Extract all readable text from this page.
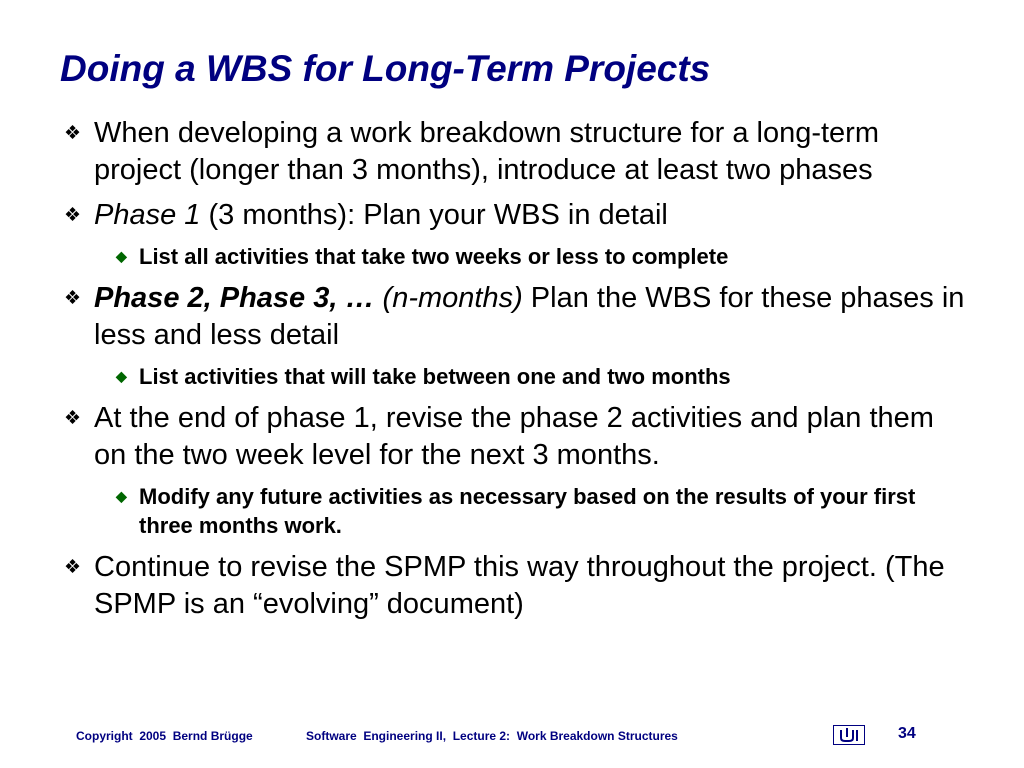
Doing a WBS for Long-Term Projects
❖ When developing a work breakdown structure for a long-term project (longer than 3 months), introduce at least two phases
❖ Phase 1 (3 months): Plan your WBS in detail
◆ List all activities that take two weeks or less to complete
❖ Phase 2, Phase 3, … (n-months) Plan the WBS for these phases in less and less detail
◆ List activities that will take between one and two months
❖ At the end of phase 1, revise the phase 2 activities and plan them on the two week level for the next 3 months.
◆ Modify any future activities as necessary based on the results of your first three months work.
❖ Continue to revise the SPMP this way throughout the project. (The SPMP is an “evolving” document)
Copyright  2005  Bernd Brügge	Software  Engineering II,  Lecture 2:  Work Breakdown Structures	34
